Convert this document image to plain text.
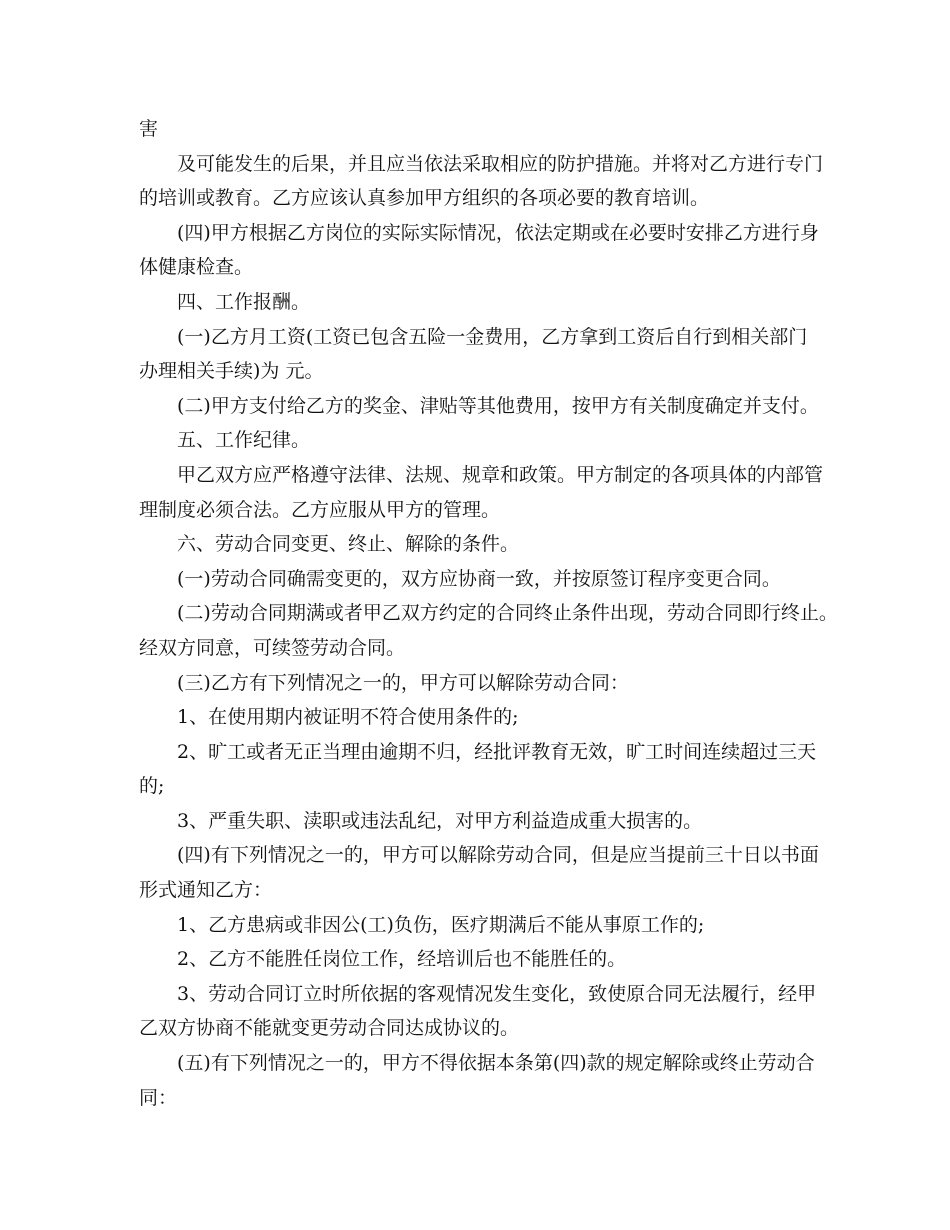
害
及可能发生的后果，并且应当依法采取相应的防护措施。并将对乙方进行专门
的培训或教育。乙方应该认真参加甲方组织的各项必要的教育培训。
(四)甲方根据乙方岗位的实际实际情况，依法定期或在必要时安排乙方进行身
体健康检查。
四、工作报酬。
(一)乙方月工资(工资已包含五险一金费用，乙方拿到工资后自行到相关部门
办理相关手续)为 元。
(二)甲方支付给乙方的奖金、津贴等其他费用，按甲方有关制度确定并支付。
五、工作纪律。
甲乙双方应严格遵守法律、法规、规章和政策。甲方制定的各项具体的内部管
理制度必须合法。乙方应服从甲方的管理。
六、劳动合同变更、终止、解除的条件。
(一)劳动合同确需变更的，双方应协商一致，并按原签订程序变更合同。
(二)劳动合同期满或者甲乙双方约定的合同终止条件出现，劳动合同即行终止。
经双方同意，可续签劳动合同。
(三)乙方有下列情况之一的，甲方可以解除劳动合同：
1、在使用期内被证明不符合使用条件的;
2、旷工或者无正当理由逾期不归，经批评教育无效，旷工时间连续超过三天
的;
3、严重失职、渎职或违法乱纪，对甲方利益造成重大损害的。
(四)有下列情况之一的，甲方可以解除劳动合同，但是应当提前三十日以书面
形式通知乙方：
1、乙方患病或非因公(工)负伤，医疗期满后不能从事原工作的;
2、乙方不能胜任岗位工作，经培训后也不能胜任的。
3、劳动合同订立时所依据的客观情况发生变化，致使原合同无法履行，经甲
乙双方协商不能就变更劳动合同达成协议的。
(五)有下列情况之一的，甲方不得依据本条第(四)款的规定解除或终止劳动合
同：
